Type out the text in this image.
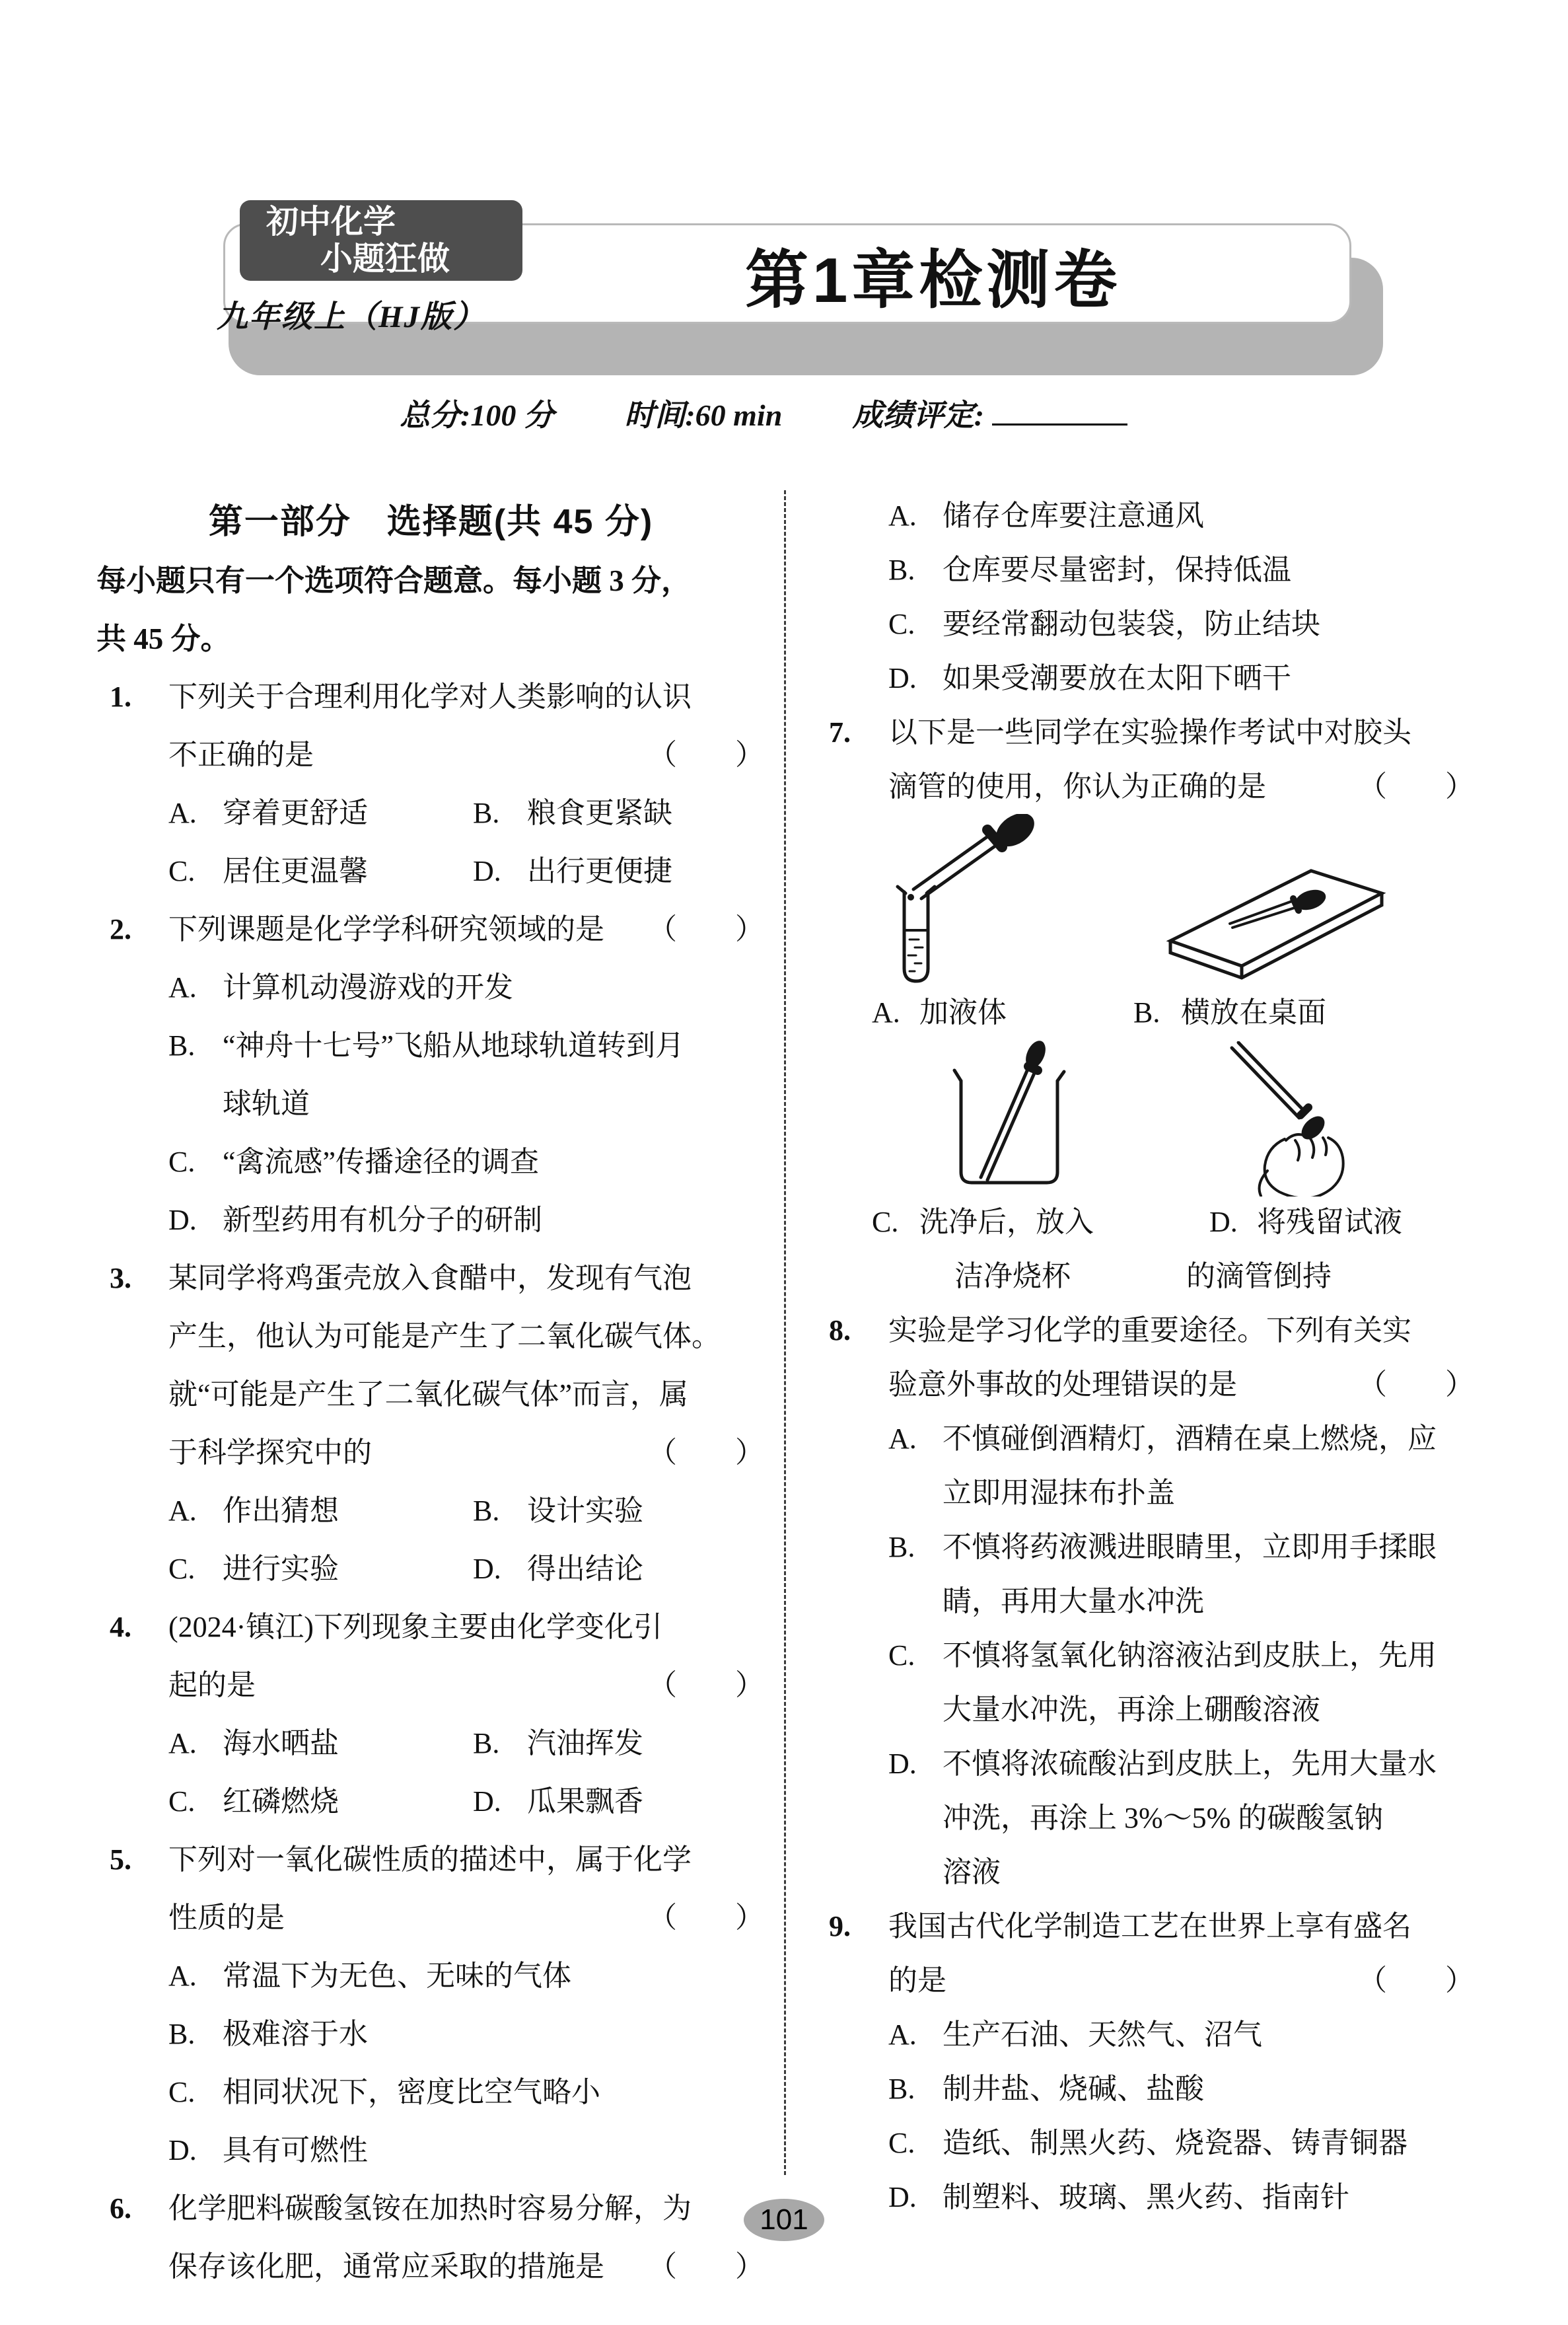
第1章检测卷
初中化学
小题狂做
九年级上（HJ版）
总分:100 分 时间:60 min 成绩评定:
第一部分　选择题(共 45 分)
每小题只有一个选项符合题意。每小题 3 分，
共 45 分。
1.	下列关于合理利用化学对人类影响的认识
不正确的是	（　　）
A. 穿着更舒适	B. 粮食更紧缺
C. 居住更温馨	D. 出行更便捷
2.	下列课题是化学学科研究领域的是 （　　）
A. 计算机动漫游戏的开发
B. “神舟十七号”飞船从地球轨道转到月
球轨道
C. “禽流感”传播途径的调查
D. 新型药用有机分子的研制
3.	某同学将鸡蛋壳放入食醋中，发现有气泡
产生，他认为可能是产生了二氧化碳气体。
就“可能是产生了二氧化碳气体”而言，属
于科学探究中的	（　　）
A. 作出猜想	B. 设计实验
C. 进行实验	D. 得出结论
4.	(2024·镇江)下列现象主要由化学变化引
起的是	（　　）
A. 海水晒盐	B. 汽油挥发
C. 红磷燃烧	D. 瓜果飘香
5.	下列对一氧化碳性质的描述中，属于化学
性质的是	（　　）
A. 常温下为无色、无味的气体
B. 极难溶于水
C. 相同状况下，密度比空气略小
D. 具有可燃性
6.	化学肥料碳酸氢铵在加热时容易分解，为
保存该化肥，通常应采取的措施是 （　　）
A. 储存仓库要注意通风
B. 仓库要尽量密封，保持低温
C. 要经常翻动包装袋，防止结块
D. 如果受潮要放在太阳下晒干
7.	以下是一些同学在实验操作考试中对胶头
滴管的使用，你认为正确的是	（　　）
A. 加液体	B. 横放在桌面
C. 洗净后，放入	D. 将残留试液
洁净烧杯	的滴管倒持
8.	实验是学习化学的重要途径。下列有关实
验意外事故的处理错误的是	（　　）
A. 不慎碰倒酒精灯，酒精在桌上燃烧，应
立即用湿抹布扑盖
B. 不慎将药液溅进眼睛里，立即用手揉眼
睛，再用大量水冲洗
C. 不慎将氢氧化钠溶液沾到皮肤上，先用
大量水冲洗，再涂上硼酸溶液
D. 不慎将浓硫酸沾到皮肤上，先用大量水
冲洗，再涂上 3%～5% 的碳酸氢钠
溶液
9.	我国古代化学制造工艺在世界上享有盛名
的是	（　　）
A. 生产石油、天然气、沼气
B. 制井盐、烧碱、盐酸
C. 造纸、制黑火药、烧瓷器、铸青铜器
D. 制塑料、玻璃、黑火药、指南针
101
